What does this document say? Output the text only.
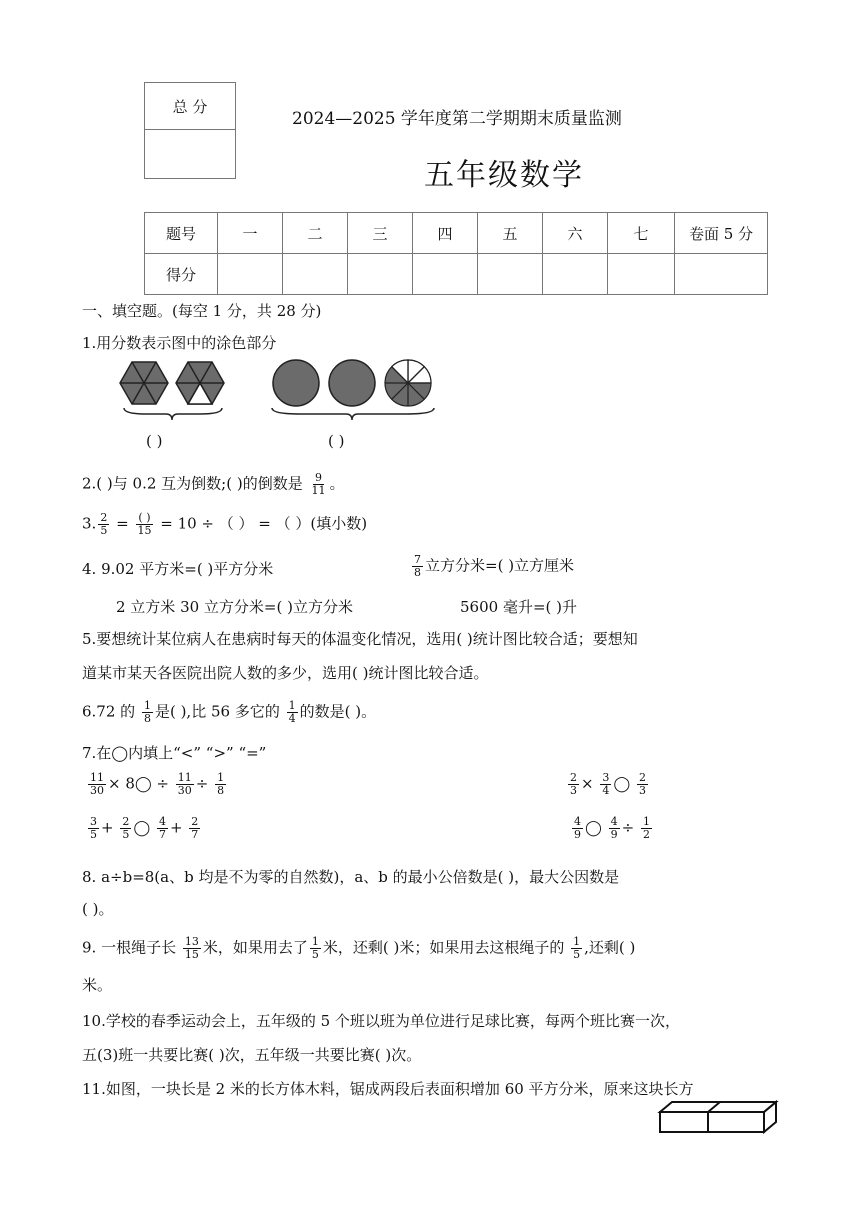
总 分

2024—2025 学年度第二学期期末质量监测
五年级数学
题号	一	二	三	四	五	六	七	卷面 5 分
得分								
一、填空题。(每空 1 分，共 28 分)
1.用分数表示图中的涂色部分
( )	( )
2.( )与 0.2 互为倒数;( )的倒数是 $\frac{9}{11}$ 。
3. $\frac{2}{5} = \frac{( )}{15} = 10$ ÷ （ ） = （ ）(填小数)
4. 9.02 平方米=( )平方分米	$\frac{7}{8}$ 立方分米=( )立方厘米
2 立方米 30 立方分米=( )立方分米	5600 毫升=( )升
5.要想统计某位病人在患病时每天的体温变化情况，选用( )统计图比较合适；要想知
道某市某天各医院出院人数的多少，选用( )统计图比较合适。
6.72 的 $\frac{1}{8}$ 是( ),比 56 多它的 $\frac{1}{4}$ 的数是( )。
7.在◯内填上“<” “>” “=”
$\frac{11}{30}$ × 8◯ ÷ $\frac{11}{30} \div \frac{1}{8}$	$\frac{2}{3} \times \frac{3}{4}$ ◯ $\frac{2}{3}$
$\frac{3}{5} + \frac{2}{5}$ ◯ $\frac{4}{7} + \frac{2}{7}$	$\frac{4}{9}$ ◯ $\frac{4}{9} \div \frac{1}{2}$
8. a÷b=8(a、b 均是不为零的自然数)，a、b 的最小公倍数是( )，最大公因数是
( )。
9. 一根绳子长 $\frac{13}{15}$ 米，如果用去了 $\frac{1}{5}$ 米，还剩( )米；如果用去这根绳子的 $\frac{1}{5}$ ,还剩( )
米。
10.学校的春季运动会上，五年级的 5 个班以班为单位进行足球比赛，每两个班比赛一次，
五(3)班一共要比赛( )次，五年级一共要比赛( )次。
11.如图，一块长是 2 米的长方体木料，锯成两段后表面积增加 60 平方分米，原来这块长方
